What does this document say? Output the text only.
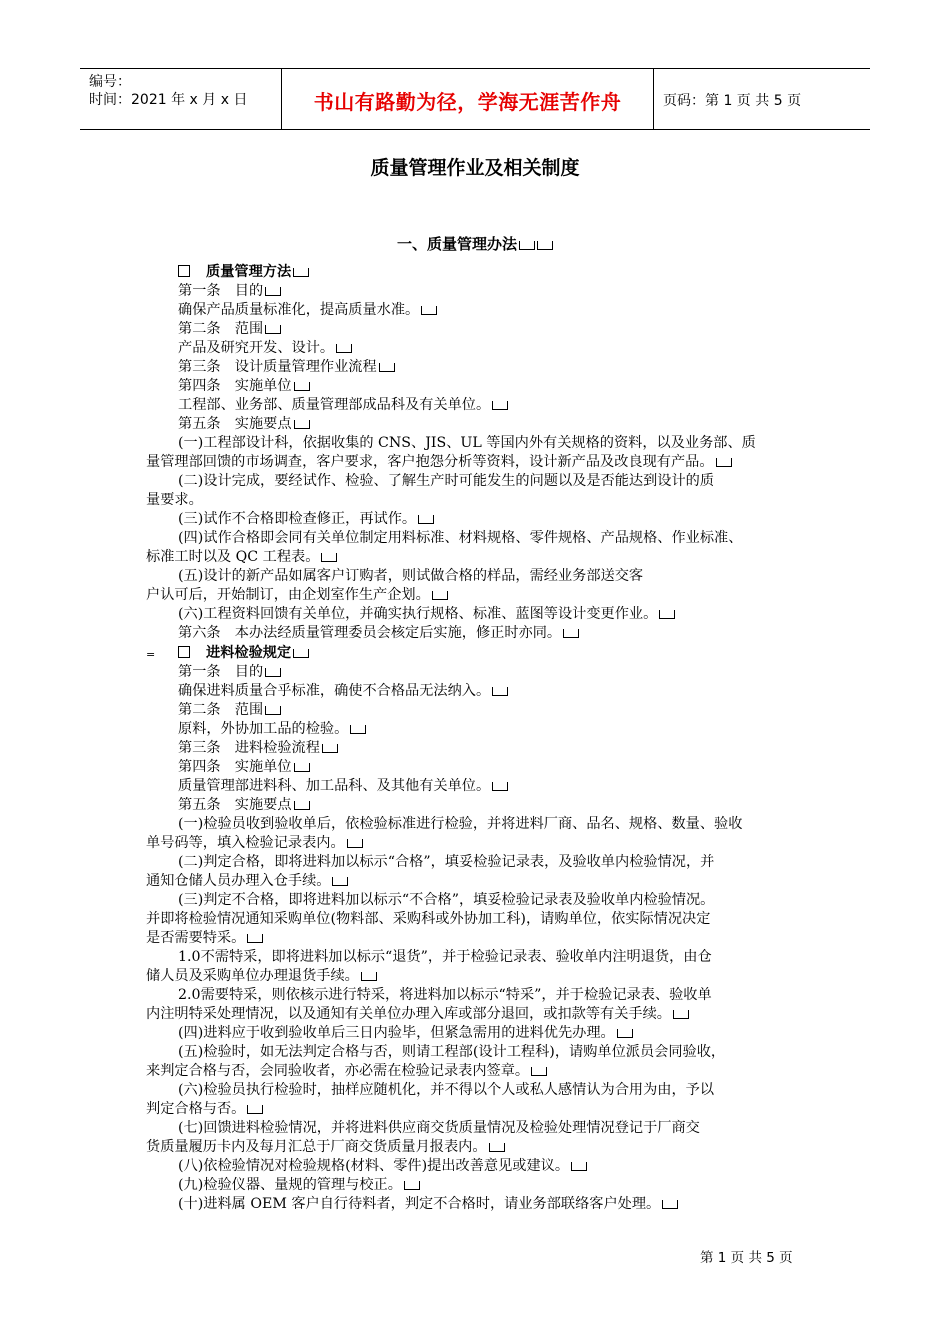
编号：
时间：2021 年 x 月 x 日	书山有路勤为径，学海无涯苦作舟	页码：第 1 页 共 5 页
质量管理作业及相关制度
一、质量管理办法
质量管理方法
第一条　目的
确保产品质量标准化，提高质量水准。
第二条　范围
产品及研究开发、设计。
第三条　设计质量管理作业流程
第四条　实施单位
工程部、业务部、质量管理部成品科及有关单位。
第五条　实施要点
(一)工程部设计科，依据收集的 CNS、JIS、UL 等国内外有关规格的资料，以及业务部、质
量管理部回馈的市场调查，客户要求，客户抱怨分析等资料，设计新产品及改良现有产品。
(二)设计完成，要经试作、检验、了解生产时可能发生的问题以及是否能达到设计的质
量要求。
(三)试作不合格即检查修正，再试作。
(四)试作合格即会同有关单位制定用料标准、材料规格、零件规格、产品规格、作业标准、
标准工时以及 QC 工程表。
(五)设计的新产品如属客户订购者，则试做合格的样品，需经业务部送交客
户认可后，开始制订，由企划室作生产企划。
(六)工程资料回馈有关单位，并确实执行规格、标准、蓝图等设计变更作业。
第六条　本办法经质量管理委员会核定后实施，修正时亦同。
=	进料检验规定
第一条　目的
确保进料质量合乎标准，确使不合格品无法纳入。
第二条　范围
原料，外协加工品的检验。
第三条　进料检验流程
第四条　实施单位
质量管理部进料科、加工品科、及其他有关单位。
第五条　实施要点
(一)检验员收到验收单后，依检验标准进行检验，并将进料厂商、品名、规格、数量、验收
单号码等，填入检验记录表内。
(二)判定合格，即将进料加以标示“合格”，填妥检验记录表，及验收单内检验情况，并
通知仓储人员办理入仓手续。
(三)判定不合格，即将进料加以标示“不合格”，填妥检验记录表及验收单内检验情况。
并即将检验情况通知采购单位(物料部、采购科或外协加工科)，请购单位，依实际情况决定
是否需要特采。
1.0不需特采，即将进料加以标示“退货”，并于检验记录表、验收单内注明退货，由仓
储人员及采购单位办理退货手续。
2.0需要特采，则依核示进行特采，将进料加以标示“特采”，并于检验记录表、验收单
内注明特采处理情况，以及通知有关单位办理入库或部分退回，或扣款等有关手续。
(四)进料应于收到验收单后三日内验毕，但紧急需用的进料优先办理。
(五)检验时，如无法判定合格与否，则请工程部(设计工程科)，请购单位派员会同验收，
来判定合格与否，会同验收者，亦必需在检验记录表内签章。
(六)检验员执行检验时，抽样应随机化，并不得以个人或私人感情认为合用为由，予以
判定合格与否。
(七)回馈进料检验情况，并将进料供应商交货质量情况及检验处理情况登记于厂商交
货质量履历卡内及每月汇总于厂商交货质量月报表内。
(八)依检验情况对检验规格(材料、零件)提出改善意见或建议。
(九)检验仪器、量规的管理与校正。
(十)进料属 OEM 客户自行待料者，判定不合格时，请业务部联络客户处理。
第 1 页 共 5 页
